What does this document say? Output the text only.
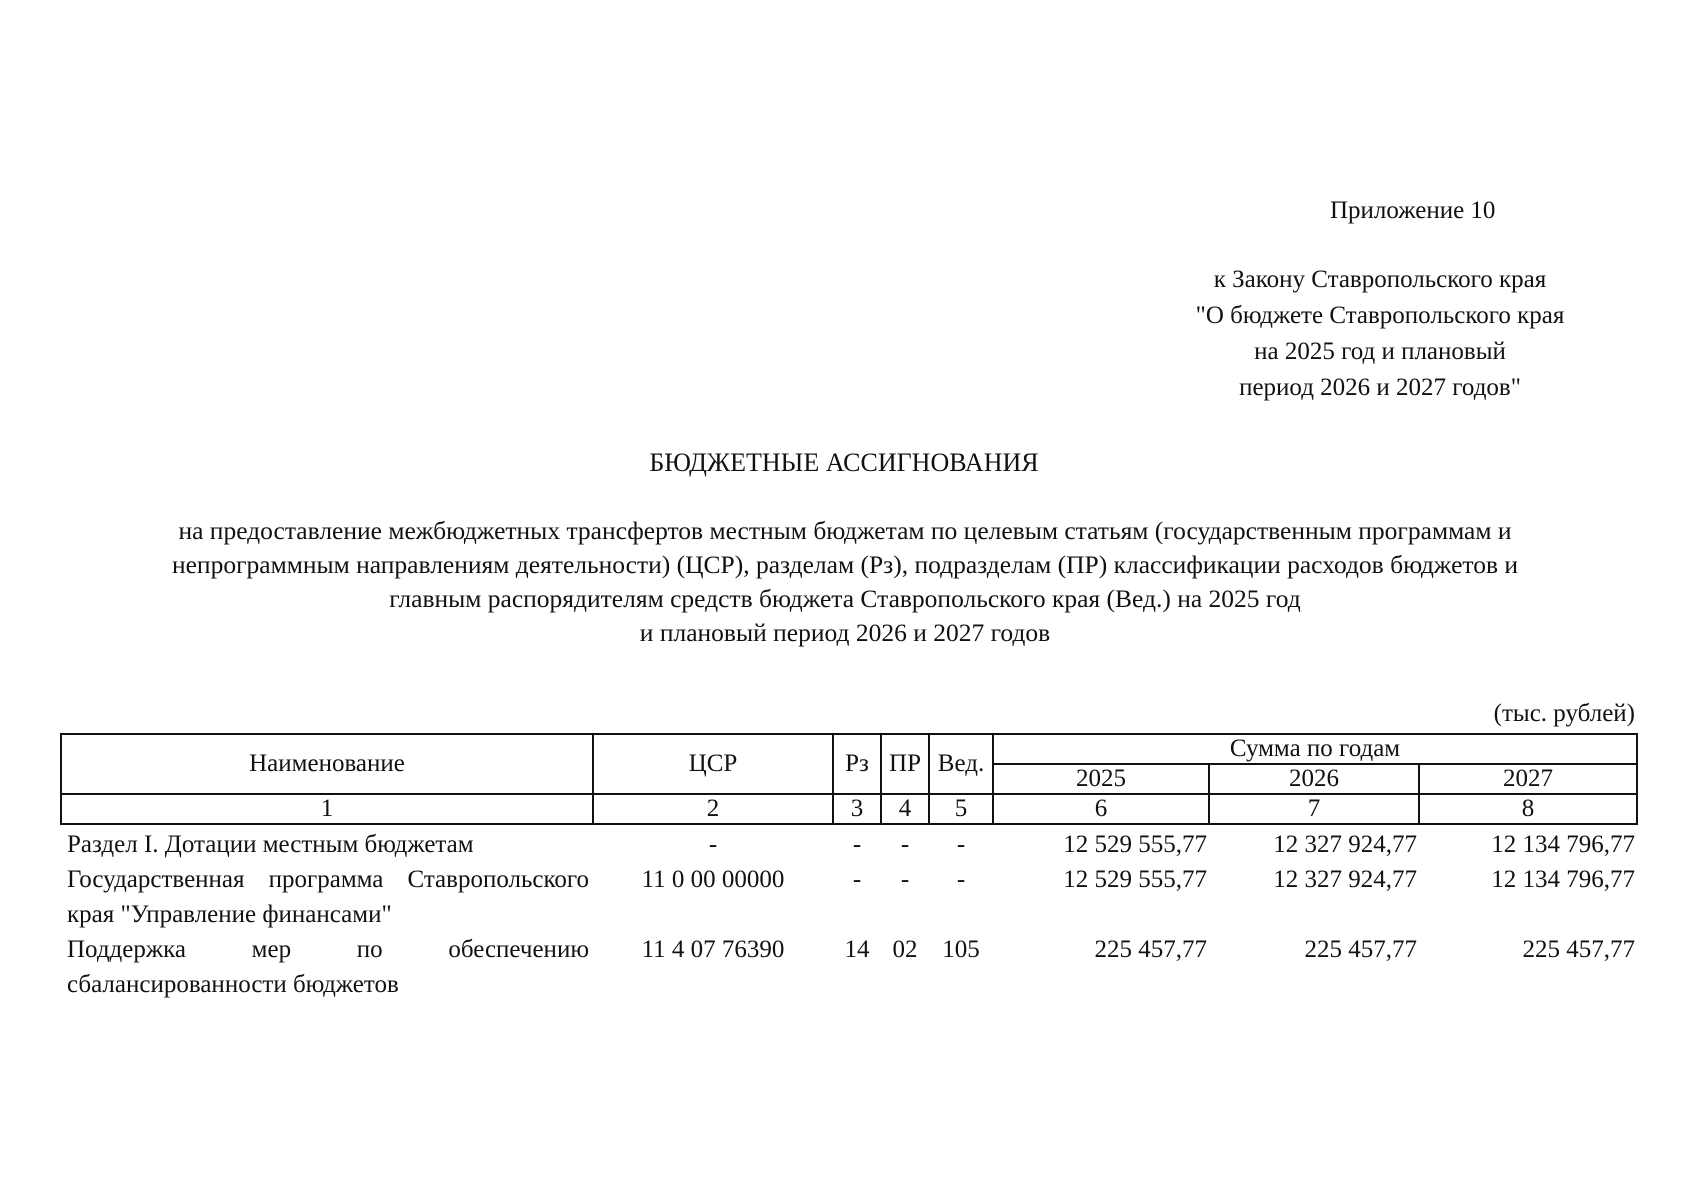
Приложение 10
к Закону Ставропольского края
"О бюджете Ставропольского края
на 2025 год и плановый
период 2026 и 2027 годов"
БЮДЖЕТНЫЕ АССИГНОВАНИЯ
на предоставление межбюджетных трансфертов местным бюджетам по целевым статьям (государственным программам и
непрограммным направлениям деятельности) (ЦСР), разделам (Рз), подразделам (ПР) классификации расходов бюджетов и
главным распорядителям средств бюджета Ставропольского края (Вед.) на 2025 год
и плановый период 2026 и 2027 годов
(тыс. рублей)
Наименование	ЦСР	Рз	ПР	Вед.	Сумма по годам		
					2025	2026	2027
1	2	3	4	5	6	7	8
Раздел I. Дотации местным бюджетам	-	-	-	-	12 529 555,77	12 327 924,77	12 134 796,77
Государственная программа Ставропольского края "Управление финансами"	11 0 00 00000	-	-	-	12 529 555,77	12 327 924,77	12 134 796,77
Поддержка мер по обеспечению сбалансированности бюджетов	11 4 07 76390	14	02	105	225 457,77	225 457,77	225 457,77
